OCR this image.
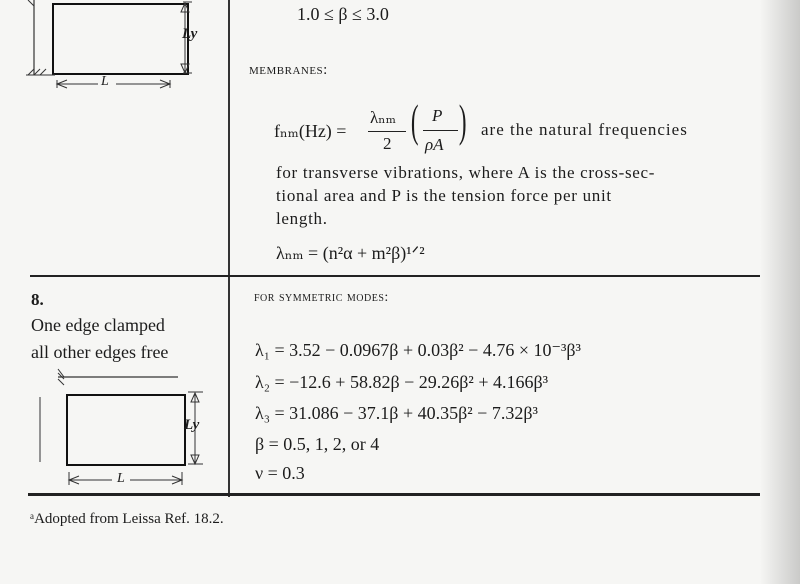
L
Ly
1.0 ≤ β ≤ 3.0
membranes:
fₙₘ(Hz) =
λₙₘ
2 ( P
ρA ) are the natural frequencies
for transverse vibrations, where A is the cross-sec-
tional area and P is the tension force per unit
length.
λₙₘ = (n²α + m²β)¹ᐟ²
8.
One edge clamped
all other edges free
L
Ly
for symmetric modes:
λ₁ = 3.52 − 0.0967β + 0.03β² − 4.76 × 10⁻³β³
λ₂ = −12.6 + 58.82β − 29.26β² + 4.166β³
λ₃ = 31.086 − 37.1β + 40.35β² − 7.32β³
β = 0.5, 1, 2, or 4
ν = 0.3
ᵃAdopted from Leissa Ref. 18.2.
